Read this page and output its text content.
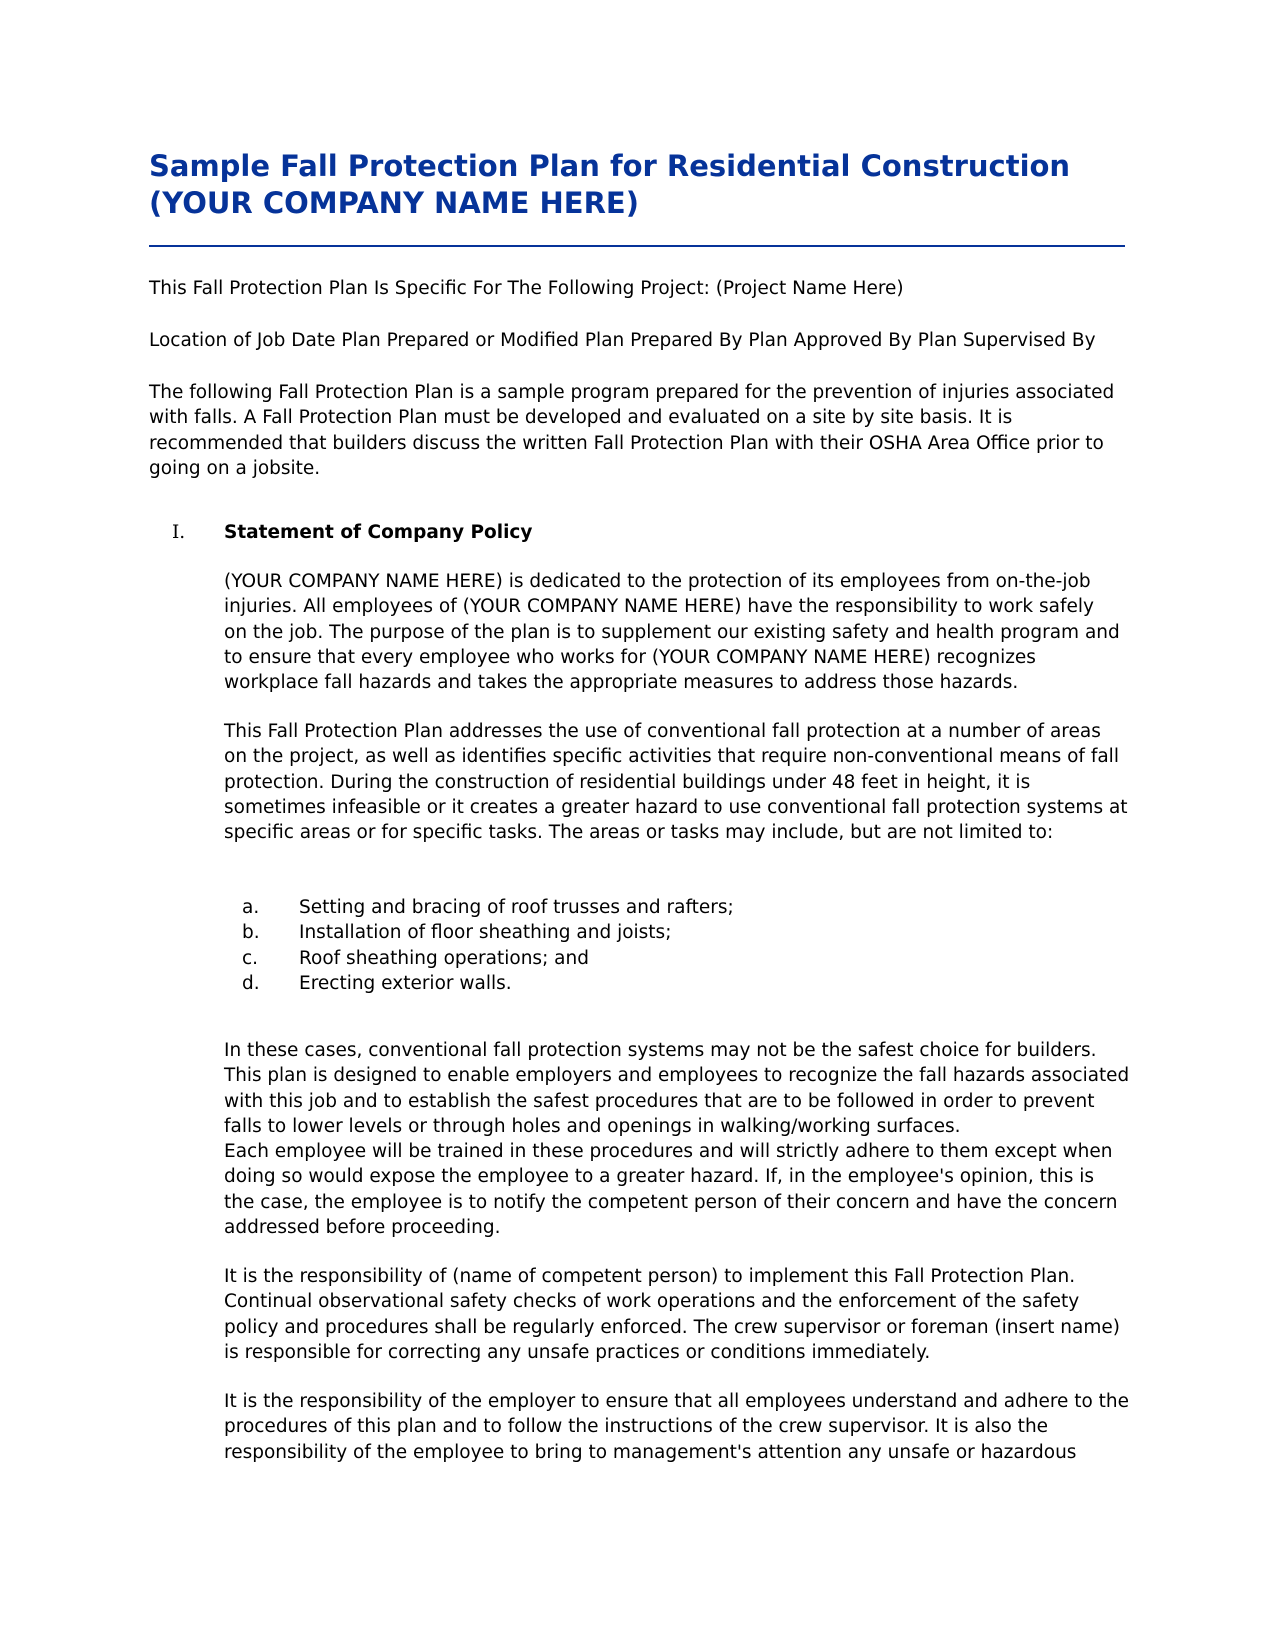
Sample Fall Protection Plan for Residential Construction
(YOUR COMPANY NAME HERE)

This Fall Protection Plan Is Specific For The Following Project: (Project Name Here)

Location of Job Date Plan Prepared or Modified Plan Prepared By Plan Approved By Plan Supervised By

The following Fall Protection Plan is a sample program prepared for the prevention of injuries associated
with falls. A Fall Protection Plan must be developed and evaluated on a site by site basis. It is
recommended that builders discuss the written Fall Protection Plan with their OSHA Area Office prior to
going on a jobsite.

I. Statement of Company Policy

(YOUR COMPANY NAME HERE) is dedicated to the protection of its employees from on-the-job
injuries. All employees of (YOUR COMPANY NAME HERE) have the responsibility to work safely
on the job. The purpose of the plan is to supplement our existing safety and health program and
to ensure that every employee who works for (YOUR COMPANY NAME HERE) recognizes
workplace fall hazards and takes the appropriate measures to address those hazards.

This Fall Protection Plan addresses the use of conventional fall protection at a number of areas
on the project, as well as identifies specific activities that require non-conventional means of fall
protection. During the construction of residential buildings under 48 feet in height, it is
sometimes infeasible or it creates a greater hazard to use conventional fall protection systems at
specific areas or for specific tasks. The areas or tasks may include, but are not limited to:

a. Setting and bracing of roof trusses and rafters;
b. Installation of floor sheathing and joists;
c. Roof sheathing operations; and
d. Erecting exterior walls.

In these cases, conventional fall protection systems may not be the safest choice for builders.
This plan is designed to enable employers and employees to recognize the fall hazards associated
with this job and to establish the safest procedures that are to be followed in order to prevent
falls to lower levels or through holes and openings in walking/working surfaces.
Each employee will be trained in these procedures and will strictly adhere to them except when
doing so would expose the employee to a greater hazard. If, in the employee's opinion, this is
the case, the employee is to notify the competent person of their concern and have the concern
addressed before proceeding.

It is the responsibility of (name of competent person) to implement this Fall Protection Plan.
Continual observational safety checks of work operations and the enforcement of the safety
policy and procedures shall be regularly enforced. The crew supervisor or foreman (insert name)
is responsible for correcting any unsafe practices or conditions immediately.

It is the responsibility of the employer to ensure that all employees understand and adhere to the
procedures of this plan and to follow the instructions of the crew supervisor. It is also the
responsibility of the employee to bring to management's attention any unsafe or hazardous
